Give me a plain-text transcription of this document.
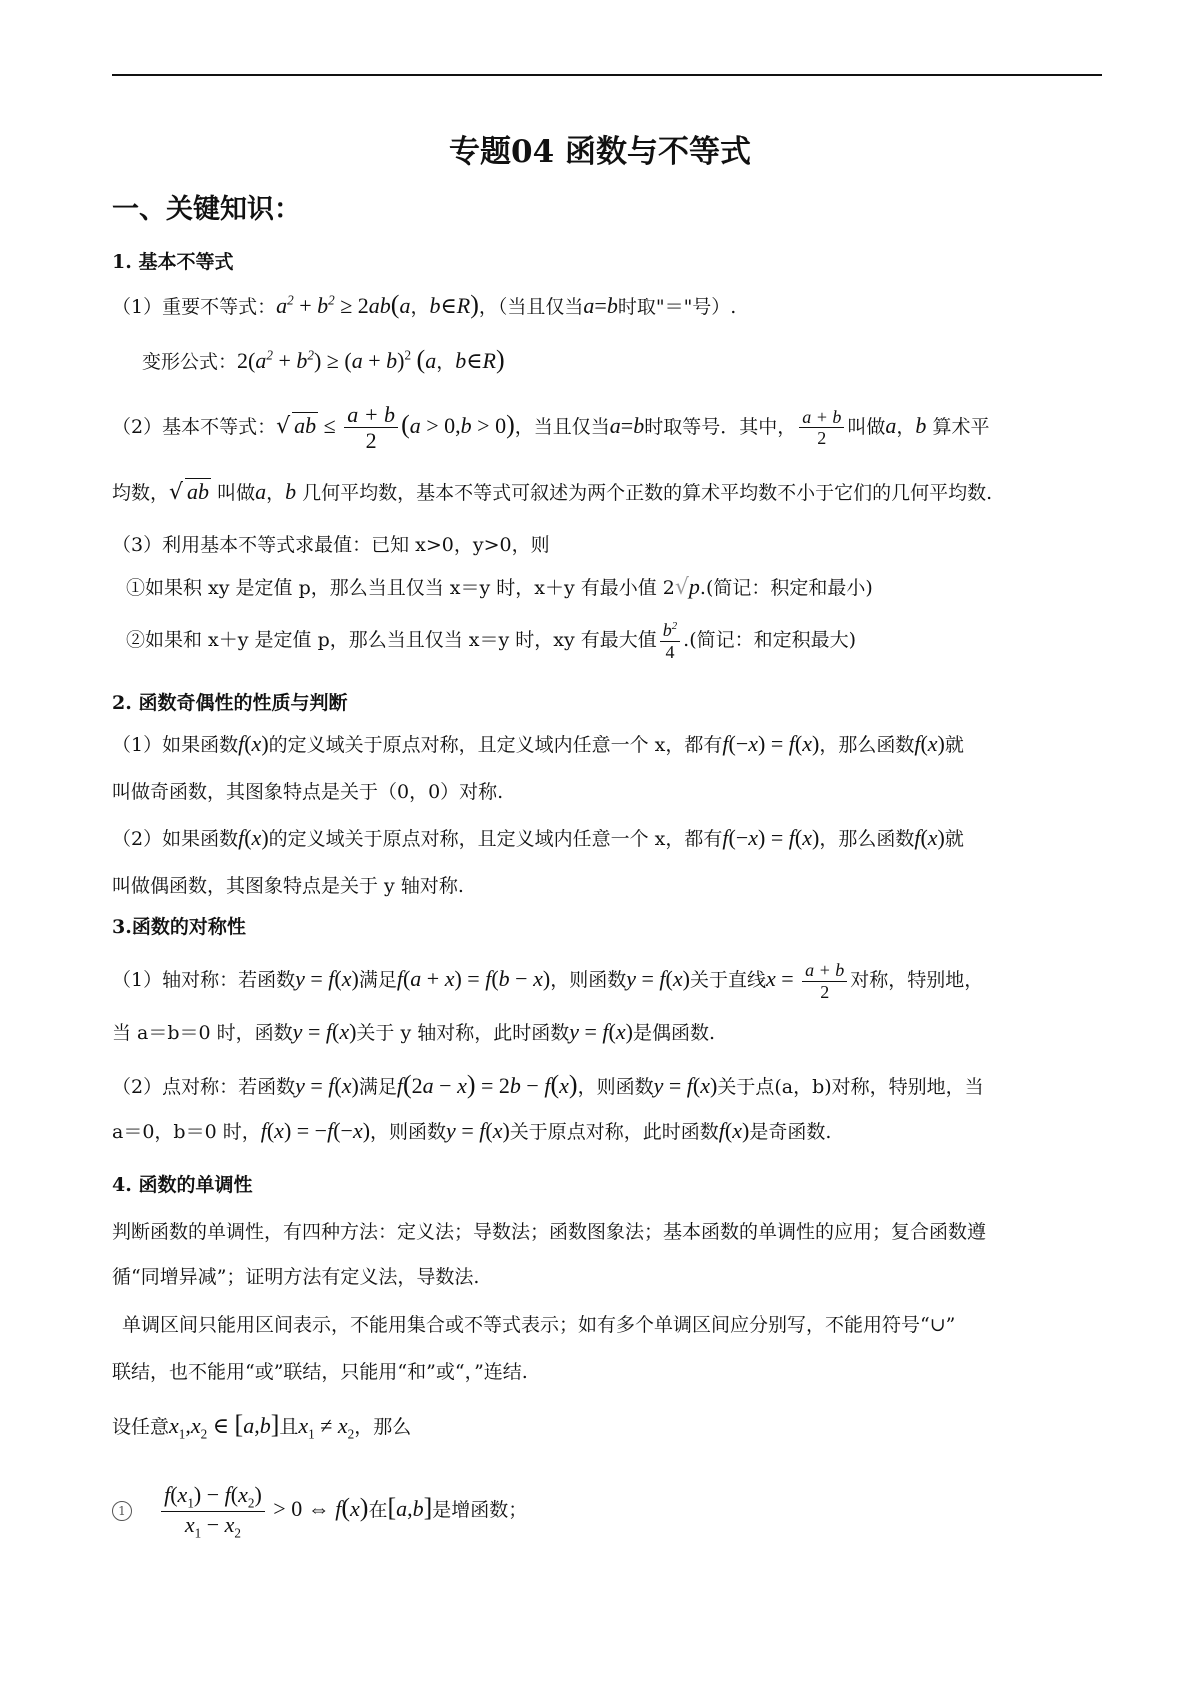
专题04 函数与不等式
一、关键知识：
1. 基本不等式
（1）重要不等式：$a^2 + b^2 \ge 2ab(a$，b∈R)，（当且仅当a=b时取"＝"号）.
变形公式：$2(a^2 + b^2) \ge (a + b)^2$ (a，b∈R)
（2）基本不等式：√ ab ≤ $\frac{a + b}{2} (a > 0,b > 0)$，当且仅当a=b时取等号．其中， $\frac{a + b}{2}$ 叫做a，b 算术平
均数，√ ab 叫做a，b 几何平均数，基本不等式可叙述为两个正数的算术平均数不小于它们的几何平均数.
（3）利用基本不等式求最值：已知 x>0，y>0，则
①如果积 xy 是定值 p，那么当且仅当 x＝y 时，x＋y 有最小值 2√p.(简记：积定和最小)
②如果和 x＋y 是定值 p，那么当且仅当 x＝y 时，xy 有最大值 $\frac{b^2}{4}$ .(简记：和定积最大)
2. 函数奇偶性的性质与判断
（1）如果函数f(x)的定义域关于原点对称，且定义域内任意一个 x，都有f(−x) = f(x)，那么函数f(x)就
叫做奇函数，其图象特点是关于（0，0）对称.
（2）如果函数f(x)的定义域关于原点对称，且定义域内任意一个 x，都有f(−x) = f(x)，那么函数f(x)就
叫做偶函数，其图象特点是关于 y 轴对称.
3.函数的对称性
（1）轴对称：若函数y = f(x)满足f(a + x) = f(b − x)，则函数y = f(x)关于直线$x = \frac{a + b}{2}$ 对称，特别地，
当 a＝b＝0 时，函数y = f(x)关于 y 轴对称，此时函数y = f(x)是偶函数.
（2）点对称：若函数y = f(x)满足f(2a − x) = 2b − f(x)，则函数y = f(x)关于点(a，b)对称，特别地，当
a＝0，b＝0 时，f(x) = −f(−x)，则函数y = f(x)关于原点对称，此时函数f(x)是奇函数.
4. 函数的单调性
判断函数的单调性，有四种方法：定义法；导数法；函数图象法；基本函数的单调性的应用；复合函数遵
循“同增异减”；证明方法有定义法，导数法.
单调区间只能用区间表示，不能用集合或不等式表示；如有多个单调区间应分别写，不能用符号“∪”
联结，也不能用“或”联结，只能用“和”或“，”连结.
设任意$x_1,x_2$ ∈ [a,b]且$x_1 \ne x_2$，那么
$1 \frac{f(x_1) - f(x_2)}{x_1 - x_2} > 0$ ⇔ f(x)在[a,b]是增函数；
